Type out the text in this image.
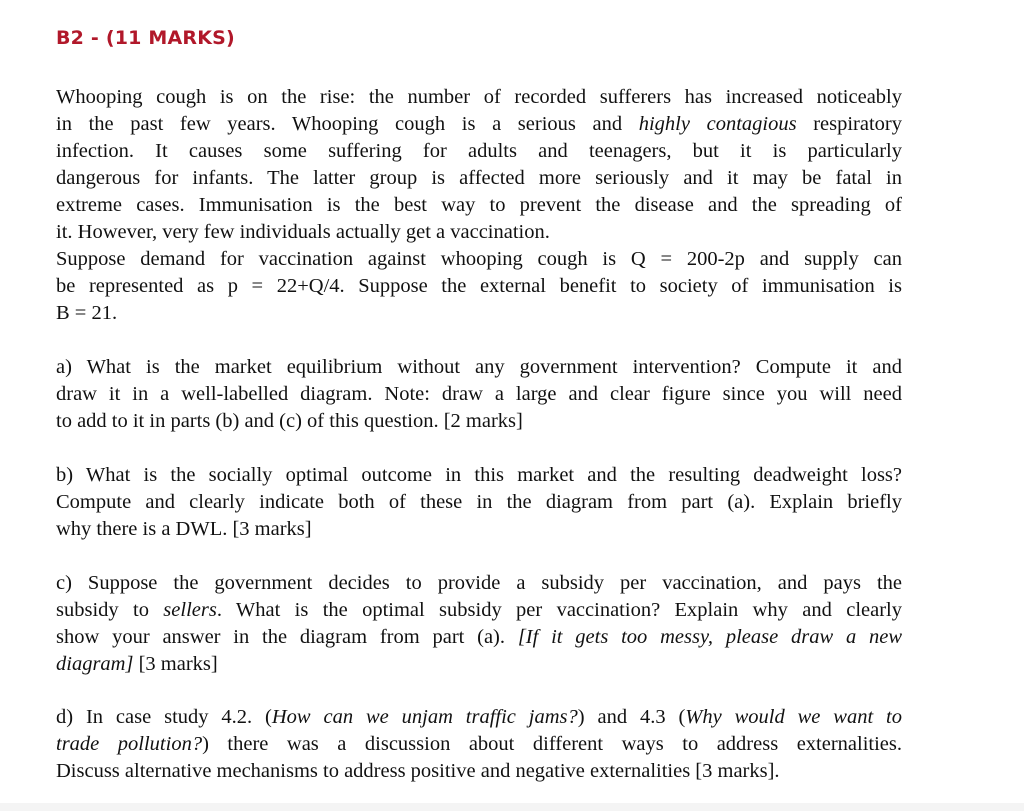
B2 - (11 MARKS)
Whooping cough is on the rise: the number of recorded sufferers has increased noticeably
in the past few years. Whooping cough is a serious and highly contagious respiratory
infection. It causes some suffering for adults and teenagers, but it is particularly
dangerous for infants. The latter group is affected more seriously and it may be fatal in
extreme cases. Immunisation is the best way to prevent the disease and the spreading of
it. However, very few individuals actually get a vaccination.
Suppose demand for vaccination against whooping cough is Q = 200-2p and supply can
be represented as p = 22+Q/4. Suppose the external benefit to society of immunisation is
B = 21.
a) What is the market equilibrium without any government intervention? Compute it and
draw it in a well-labelled diagram. Note: draw a large and clear figure since you will need
to add to it in parts (b) and (c) of this question. [2 marks]
b) What is the socially optimal outcome in this market and the resulting deadweight loss?
Compute and clearly indicate both of these in the diagram from part (a). Explain briefly
why there is a DWL. [3 marks]
c) Suppose the government decides to provide a subsidy per vaccination, and pays the
subsidy to sellers. What is the optimal subsidy per vaccination? Explain why and clearly
show your answer in the diagram from part (a). [If it gets too messy, please draw a new
diagram] [3 marks]
d) In case study 4.2. (How can we unjam traffic jams?) and 4.3 (Why would we want to
trade pollution?) there was a discussion about different ways to address externalities.
Discuss alternative mechanisms to address positive and negative externalities [3 marks].
